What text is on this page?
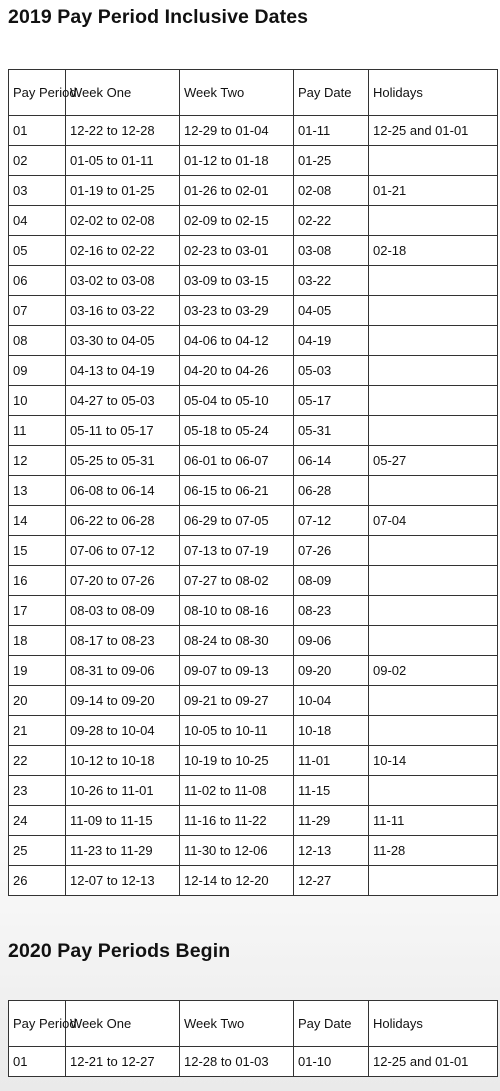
2019 Pay Period Inclusive Dates
Pay Period	Week One	Week Two	Pay Date	Holidays
01	12-22 to 12-28	12-29 to 01-04	01-11	12-25 and 01-01
02	01-05 to 01-11	01-12 to 01-18	01-25	
03	01-19 to 01-25	01-26 to 02-01	02-08	01-21
04	02-02 to 02-08	02-09 to 02-15	02-22	
05	02-16 to 02-22	02-23 to 03-01	03-08	02-18
06	03-02 to 03-08	03-09 to 03-15	03-22	
07	03-16 to 03-22	03-23 to 03-29	04-05	
08	03-30 to 04-05	04-06 to 04-12	04-19	
09	04-13 to 04-19	04-20 to 04-26	05-03	
10	04-27 to 05-03	05-04 to 05-10	05-17	
11	05-11 to 05-17	05-18 to 05-24	05-31	
12	05-25 to 05-31	06-01 to 06-07	06-14	05-27
13	06-08 to 06-14	06-15 to 06-21	06-28	
14	06-22 to 06-28	06-29 to 07-05	07-12	07-04
15	07-06 to 07-12	07-13 to 07-19	07-26	
16	07-20 to 07-26	07-27 to 08-02	08-09	
17	08-03 to 08-09	08-10 to 08-16	08-23	
18	08-17 to 08-23	08-24 to 08-30	09-06	
19	08-31 to 09-06	09-07 to 09-13	09-20	09-02
20	09-14 to 09-20	09-21 to 09-27	10-04	
21	09-28 to 10-04	10-05 to 10-11	10-18	
22	10-12 to 10-18	10-19 to 10-25	11-01	10-14
23	10-26 to 11-01	11-02 to 11-08	11-15	
24	11-09 to 11-15	11-16 to 11-22	11-29	11-11
25	11-23 to 11-29	11-30 to 12-06	12-13	11-28
26	12-07 to 12-13	12-14 to 12-20	12-27	
2020 Pay Periods Begin
Pay Period	Week One	Week Two	Pay Date	Holidays
01	12-21 to 12-27	12-28 to 01-03	01-10	12-25 and 01-01
